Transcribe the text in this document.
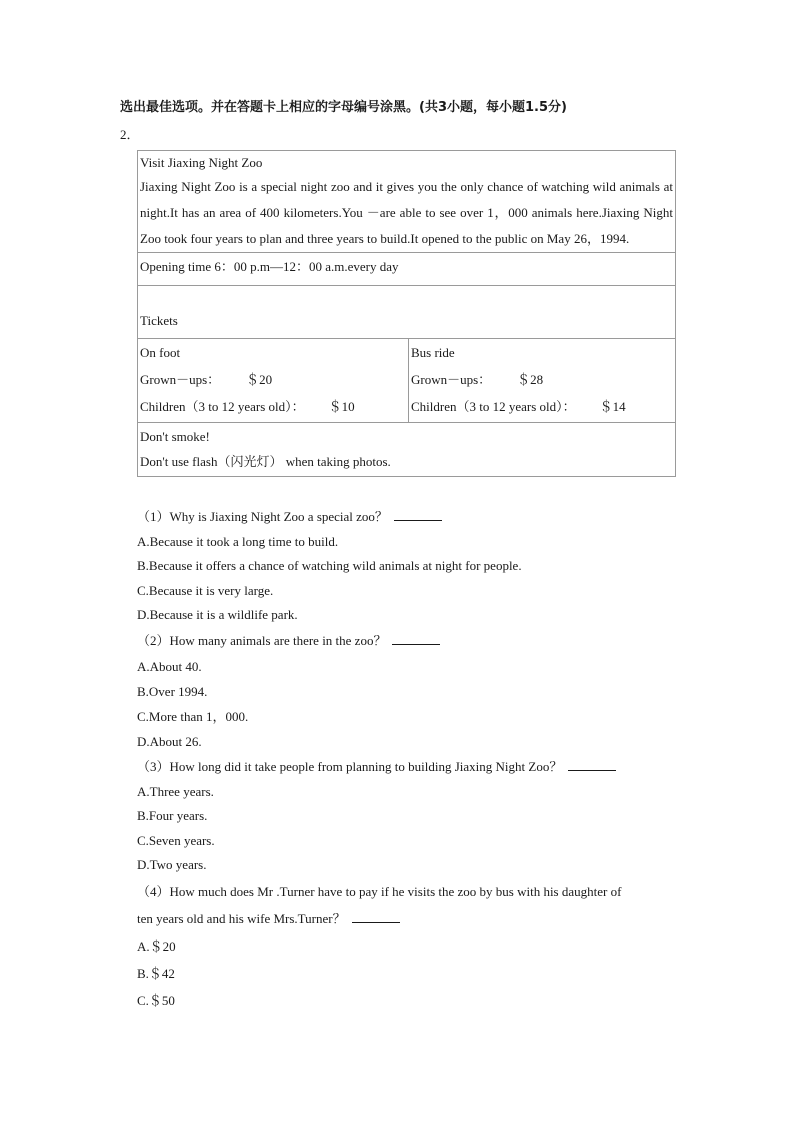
选出最佳选项。并在答题卡上相应的字母编号涂黑。(共3小题，每小题1.5分)
2．
Visit Jiaxing Night Zoo
Jiaxing Night Zoo is a special night zoo and it gives you the only chance of watching wild animals at night.It has an area of 400 kilometers.You －are able to see over 1，000 animals here.Jiaxing Night Zoo took four years to plan and three years to build.It opened to the public on May 26，1994.

Opening time 6：00 p.m—12：00 a.m.every day

Tickets

On foot
Grown－ups： ＄20
Children（3 to 12 years old）： ＄10

Bus ride
Grown－ups： ＄28
Children（3 to 12 years old）： ＄14

Don't smoke!
Don't use flash（闪光灯） when taking photos.
（1）Why is Jiaxing Night Zoo a special zoo？
A.Because it took a long time to build.
B.Because it offers a chance of watching wild animals at night for people.
C.Because it is very large.
D.Because it is a wildlife park.
（2）How many animals are there in the zoo？
A.About 40.
B.Over 1994.
C.More than 1，000.
D.About 26.
（3）How long did it take people from planning to building Jiaxing Night Zoo？
A.Three years.
B.Four years.
C.Seven years.
D.Two years.
（4）How much does Mr .Turner have to pay if he visits the zoo by bus with his daughter of
ten years old and his wife Mrs.Turner？
A.＄20
B.＄42
C.＄50
